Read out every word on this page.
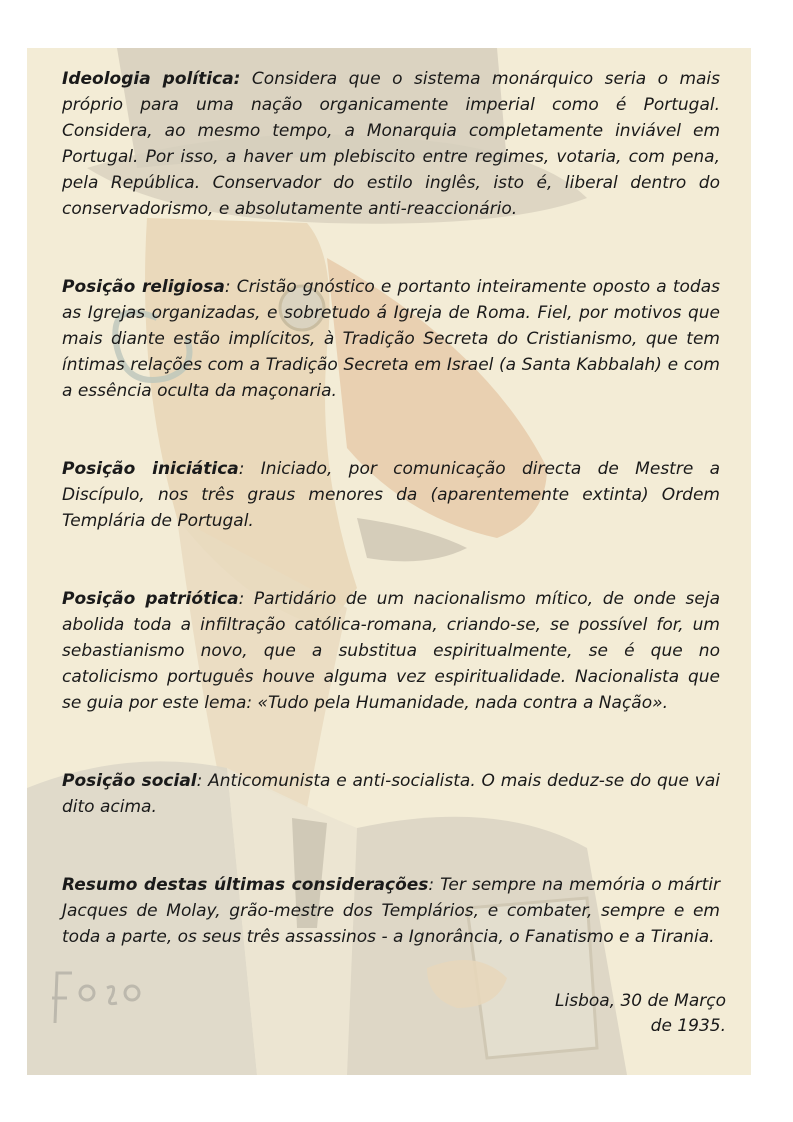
Ideologia política: Considera que o sistema monárquico seria o mais próprio para uma nação organicamente imperial como é Portugal. Considera, ao mesmo tempo, a Monarquia completamente inviável em Portugal. Por isso, a haver um plebiscito entre regimes, votaria, com pena, pela República. Conservador do estilo inglês, isto é, liberal dentro do conservadorismo, e absolutamente anti-reaccionário.

Posição religiosa: Cristão gnóstico e portanto inteiramente oposto a todas as Igrejas organizadas, e sobretudo á Igreja de Roma. Fiel, por motivos que mais diante estão implícitos, à Tradição Secreta do Cristianismo, que tem íntimas relações com a Tradição Secreta em Israel (a Santa Kabbalah) e com a essência oculta da maçonaria.

Posição iniciática: Iniciado, por comunicação directa de Mestre a Discípulo, nos três graus menores da (aparentemente extinta) Ordem Templária de Portugal.

Posição patriótica: Partidário de um nacionalismo mítico, de onde seja abolida toda a infiltração católica-romana, criando-se, se possível for, um sebastianismo novo, que a substitua espiritualmente, se é que no catolicismo português houve alguma vez espiritualidade. Nacionalista que se guia por este lema: «Tudo pela Humanidade, nada contra a Nação».

Posição social: Anticomunista e anti-socialista. O mais deduz-se do que vai dito acima.

Resumo destas últimas considerações: Ter sempre na memória o mártir Jacques de Molay, grão-mestre dos Templários, e combater, sempre e em toda a parte, os seus três assassinos - a Ignorância, o Fanatismo e a Tirania.

Lisboa, 30 de Março
de 1935.
